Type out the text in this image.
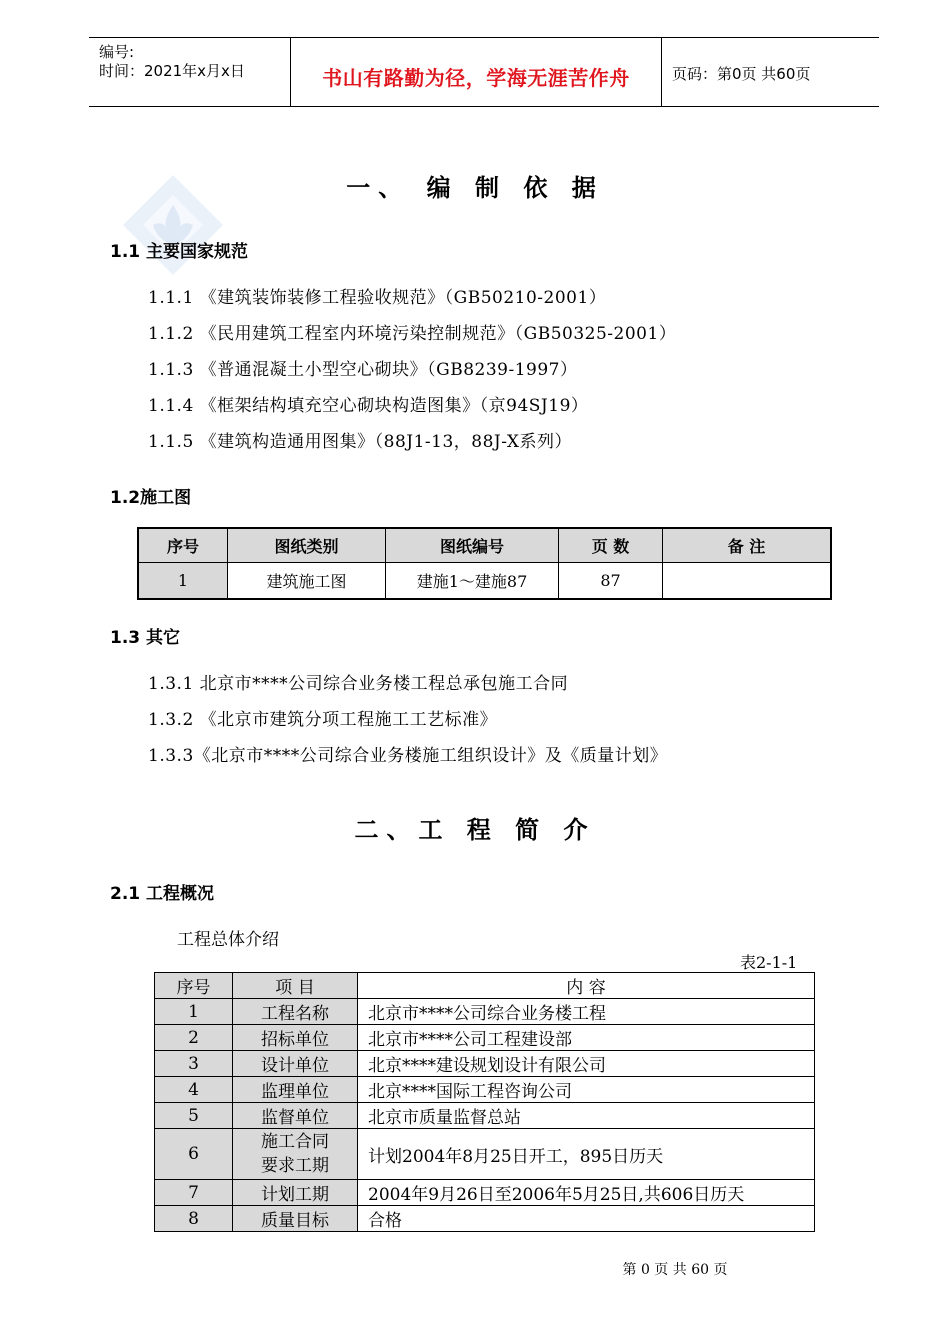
编号:
时间：2021年x月x日	书山有路勤为径，学海无涯苦作舟	页码：第0页 共60页
一、 编 制 依 据
1.1 主要国家规范
1.1.1 《建筑装饰装修工程验收规范》（GB50210-2001）
1.1.2 《民用建筑工程室内环境污染控制规范》（GB50325-2001）
1.1.3 《普通混凝土小型空心砌块》（GB8239-1997）
1.1.4 《框架结构填充空心砌块构造图集》（京94SJ19）
1.1.5 《建筑构造通用图集》（88J1-13，88J-X系列）
1.2施工图
序号	图纸类别	图纸编号	页 数	备 注
1	建筑施工图	建施1～建施87	87	
1.3 其它
1.3.1 北京市****公司综合业务楼工程总承包施工合同
1.3.2 《北京市建筑分项工程施工工艺标准》
1.3.3《北京市****公司综合业务楼施工组织设计》及《质量计划》
二、工 程 简 介
2.1 工程概况
工程总体介绍
表2-1-1
序号	项 目	内 容
1	工程名称	北京市****公司综合业务楼工程
2	招标单位	北京市****公司工程建设部
3	设计单位	北京****建设规划设计有限公司
4	监理单位	北京****国际工程咨询公司
5	监督单位	北京市质量监督总站
6	施工合同
要求工期	计划2004年8月25日开工，895日历天
7	计划工期	2004年9月26日至2006年5月25日,共606日历天
8	质量目标	合格
第 0 页 共 60 页
